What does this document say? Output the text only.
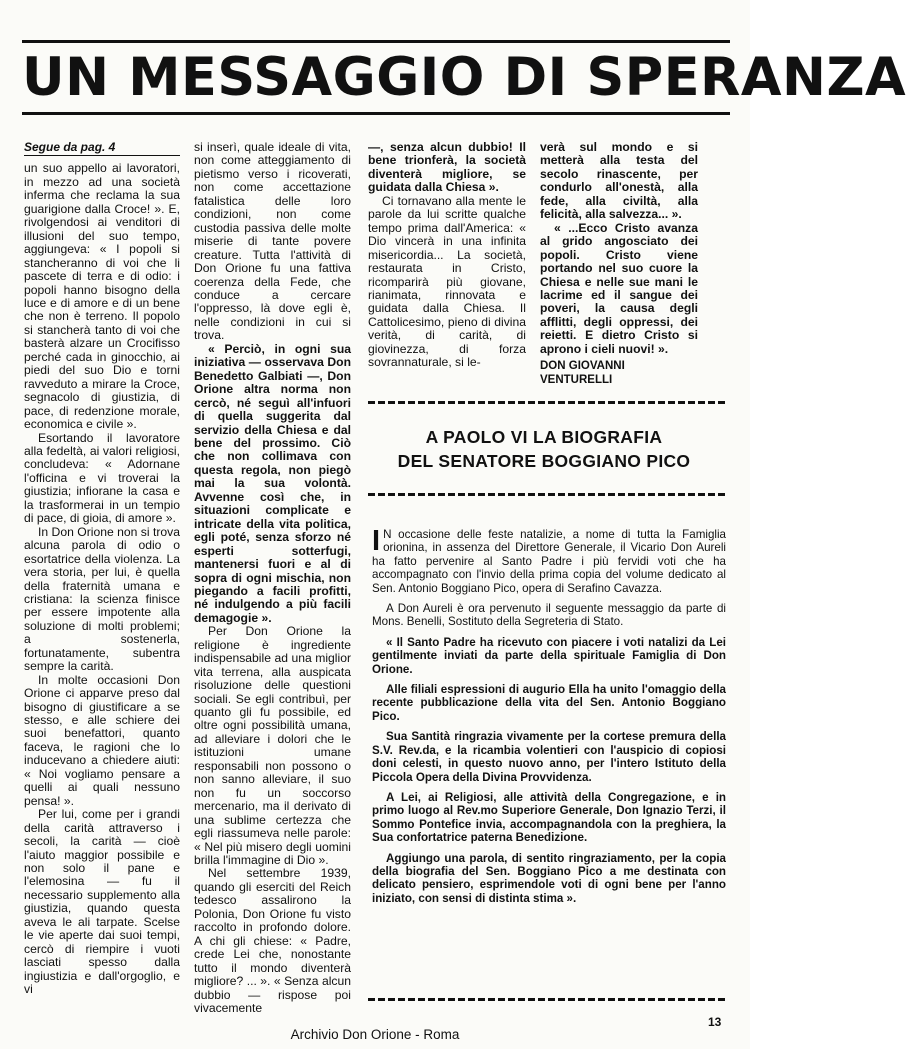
UN MESSAGGIO DI SPERANZA
Segue da pag. 4

un suo appello ai lavoratori, in mezzo ad una società inferma che reclama la sua guarigione dalla Croce! ». E, rivolgendosi ai venditori di illusioni del suo tempo, aggiungeva: « I popoli si stancheranno di voi che li pascete di terra e di odio: i popoli hanno bisogno della luce e di amore e di un bene che non è terreno. Il popolo si stancherà tanto di voi che basterà alzare un Crocifisso perché cada in ginocchio, ai piedi del suo Dio e torni ravveduto a mirare la Croce, segnacolo di giustizia, di pace, di redenzione morale, economica e civile ».

Esortando il lavoratore alla fedeltà, ai valori religiosi, concludeva: « Adornane l'officina e vi troverai la giustizia; infiorane la casa e la trasformerai in un tempio di pace, di gioia, di amore ».

In Don Orione non si trova alcuna parola di odio o esortatrice della violenza. La vera storia, per lui, è quella della fraternità umana e cristiana: la scienza finisce per essere impotente alla soluzione di molti problemi; a sostenerla, fortunatamente, subentra sempre la carità.

In molte occasioni Don Orione ci apparve preso dal bisogno di giustificare a se stesso, e alle schiere dei suoi benefattori, quanto faceva, le ragioni che lo inducevano a chiedere aiuti: « Noi vogliamo pensare a quelli ai quali nessuno pensa! ».

Per lui, come per i grandi della carità attraverso i secoli, la carità — cioè l'aiuto maggior possibile e non solo il pane e l'elemosina — fu il necessario supplemento alla giustizia, quando questa aveva le ali tarpate. Scelse le vie aperte dai suoi tempi, cercò di riempire i vuoti lasciati spesso dalla ingiustizia e dall'orgoglio, e vi

si inserì, quale ideale di vita, non come atteggiamento di pietismo verso i ricoverati, non come accettazione fatalistica delle loro condizioni, non come custodia passiva delle molte miserie di tante povere creature. Tutta l'attività di Don Orione fu una fattiva coerenza della Fede, che conduce a cercare l'oppresso, là dove egli è, nelle condizioni in cui si trova.

« Perciò, in ogni sua iniziativa — osservava Don Benedetto Galbiati —, Don Orione altra norma non cercò, né seguì all'infuori di quella suggerita dal servizio della Chiesa e dal bene del prossimo. Ciò che non collimava con questa regola, non piegò mai la sua volontà. Avvenne così che, in situazioni complicate e intricate della vita politica, egli poté, senza sforzo né esperti sotterfugi, mantenersi fuori e al di sopra di ogni mischia, non piegando a facili profitti, né indulgendo a più facili demagogie ».

Per Don Orione la religione è ingrediente indispensabile ad una miglior vita terrena, alla auspicata risoluzione delle questioni sociali. Se egli contribuì, per quanto gli fu possibile, ed oltre ogni possibilità umana, ad alleviare i dolori che le istituzioni umane responsabili non possono o non sanno alleviare, il suo non fu un soccorso mercenario, ma il derivato di una sublime certezza che egli riassumeva nelle parole: « Nel più misero degli uomini brilla l'immagine di Dio ».

Nel settembre 1939, quando gli eserciti del Reich tedesco assalirono la Polonia, Don Orione fu visto raccolto in profondo dolore. A chi gli chiese: « Padre, crede Lei che, nonostante tutto il mondo diventerà migliore? ... ». « Senza alcun dubbio — rispose poi vivacemente

—, senza alcun dubbio! Il bene trionferà, la società diventerà migliore, se guidata dalla Chiesa ».

Ci tornavano alla mente le parole da lui scritte qualche tempo prima dall'America: « Dio vincerà in una infinita misericordia... La società, restaurata in Cristo, ricomparirà più giovane, rianimata, rinnovata e guidata dalla Chiesa. Il Cattolicesimo, pieno di divina verità, di carità, di giovinezza, di forza sovrannaturale, si le-

verà sul mondo e si metterà alla testa del secolo rinascente, per condurlo all'onestà, alla fede, alla civiltà, alla felicità, alla salvezza... ».

« ...Ecco Cristo avanza al grido angosciato dei popoli. Cristo viene portando nel suo cuore la Chiesa e nelle sue mani le lacrime ed il sangue dei poveri, la causa degli afflitti, degli oppressi, dei reietti. E dietro Cristo si aprono i cieli nuovi! ».

DON GIOVANNI VENTURELLI
A PAOLO VI LA BIOGRAFIA
DEL SENATORE BOGGIANO PICO

I N occasione delle feste natalizie, a nome di tutta la Famiglia orionina, in assenza del Direttore Generale, il Vicario Don Aureli ha fatto pervenire al Santo Padre i più fervidi voti che ha accompagnato con l'invio della prima copia del volume dedicato al Sen. Antonio Boggiano Pico, opera di Serafino Cavazza.

A Don Aureli è ora pervenuto il seguente messaggio da parte di Mons. Benelli, Sostituto della Segreteria di Stato.

« Il Santo Padre ha ricevuto con piacere i voti natalizi da Lei gentilmente inviati da parte della spirituale Famiglia di Don Orione.

Alle filiali espressioni di augurio Ella ha unito l'omaggio della recente pubblicazione della vita del Sen. Antonio Boggiano Pico.

Sua Santità ringrazia vivamente per la cortese premura della S.V. Rev.da, e la ricambia volentieri con l'auspicio di copiosi doni celesti, in questo nuovo anno, per l'intero Istituto della Piccola Opera della Divina Provvidenza.

A Lei, ai Religiosi, alle attività della Congregazione, e in primo luogo al Rev.mo Superiore Generale, Don Ignazio Terzi, il Sommo Pontefice invia, accompagnandola con la preghiera, la Sua confortatrice paterna Benedizione.

Aggiungo una parola, di sentito ringraziamento, per la copia della biografia del Sen. Boggiano Pico a me destinata con delicato pensiero, esprimendole voti di ogni bene per l'anno iniziato, con sensi di distinta stima ».

13
Archivio Don Orione - Roma
